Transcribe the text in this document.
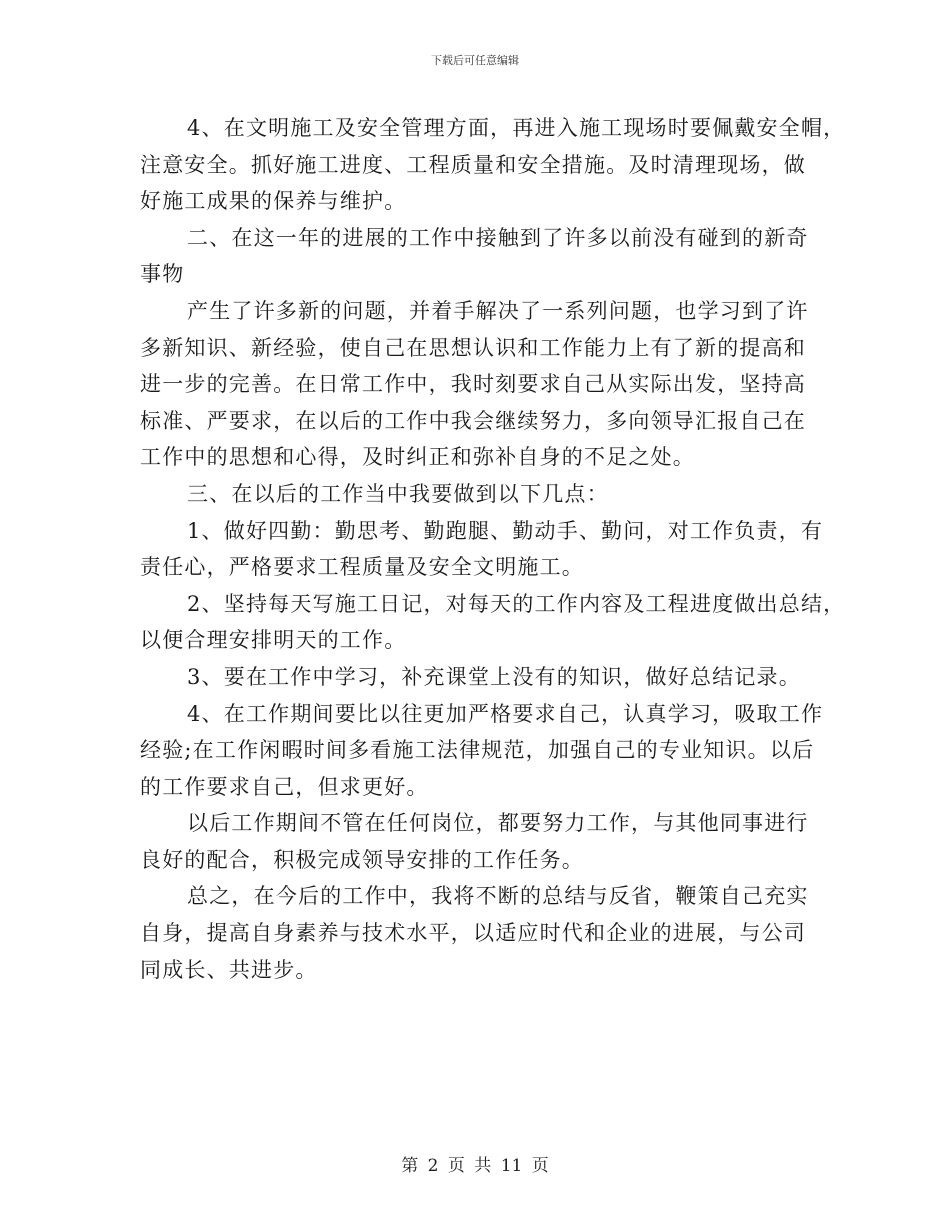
下载后可任意编辑
4、在文明施工及安全管理方面，再进入施工现场时要佩戴安全帽，
注意安全。抓好施工进度、工程质量和安全措施。及时清理现场，做
好施工成果的保养与维护。
二、在这一年的进展的工作中接触到了许多以前没有碰到的新奇
事物
产生了许多新的问题，并着手解决了一系列问题，也学习到了许
多新知识、新经验，使自己在思想认识和工作能力上有了新的提高和
进一步的完善。在日常工作中，我时刻要求自己从实际出发，坚持高
标准、严要求，在以后的工作中我会继续努力，多向领导汇报自己在
工作中的思想和心得，及时纠正和弥补自身的不足之处。
三、在以后的工作当中我要做到以下几点：
1、做好四勤：勤思考、勤跑腿、勤动手、勤问，对工作负责，有
责任心，严格要求工程质量及安全文明施工。
2、坚持每天写施工日记，对每天的工作内容及工程进度做出总结，
以便合理安排明天的工作。
3、要在工作中学习，补充课堂上没有的知识，做好总结记录。
4、在工作期间要比以往更加严格要求自己，认真学习，吸取工作
经验;在工作闲暇时间多看施工法律规范，加强自己的专业知识。以后
的工作要求自己，但求更好。
以后工作期间不管在任何岗位，都要努力工作，与其他同事进行
良好的配合，积极完成领导安排的工作任务。
总之，在今后的工作中，我将不断的总结与反省，鞭策自己充实
自身，提高自身素养与技术水平，以适应时代和企业的进展，与公司
同成长、共进步。
第 2 页 共 11 页
